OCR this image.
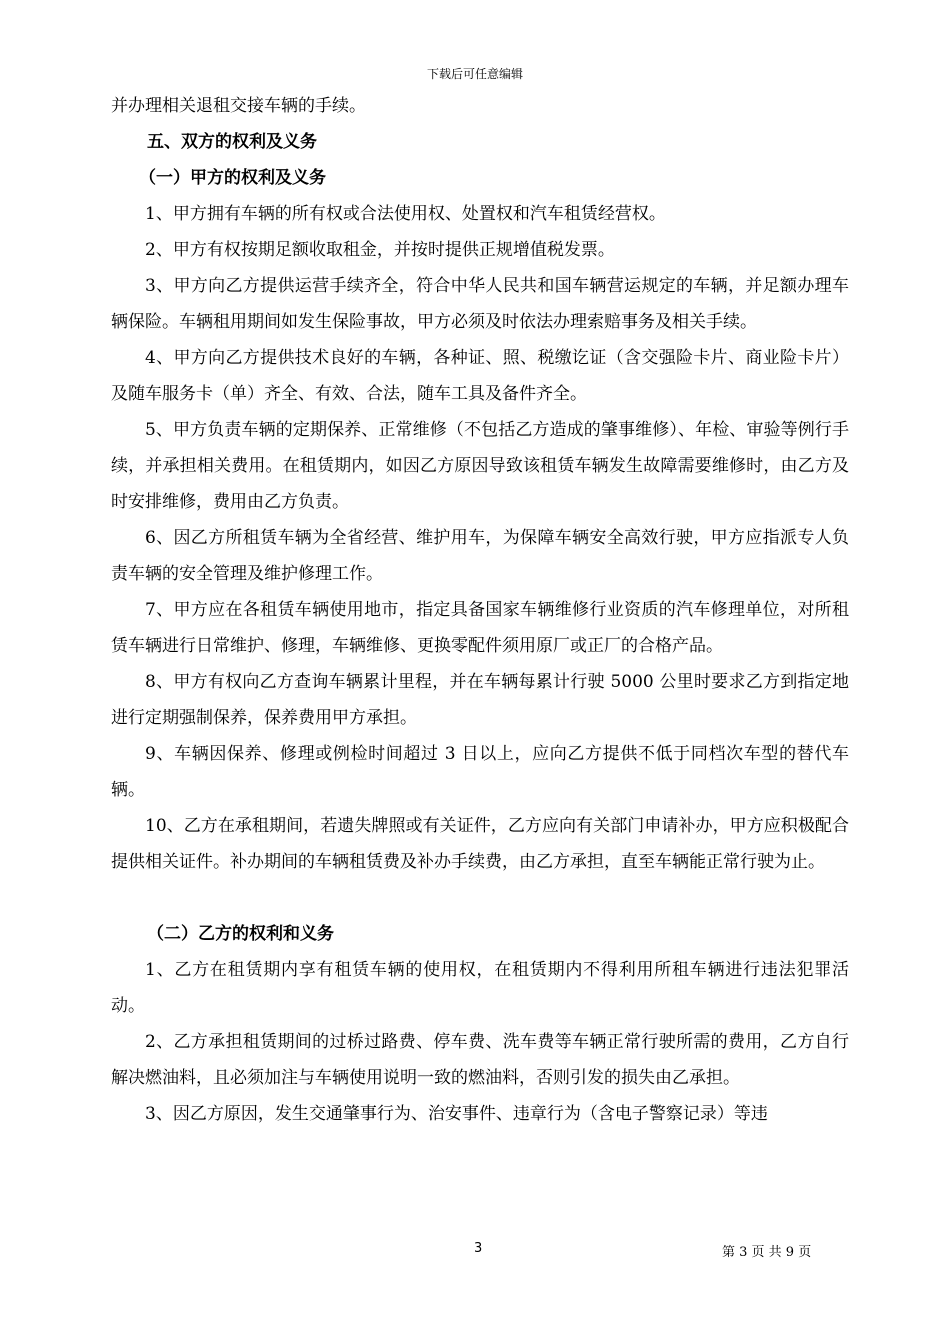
下载后可任意编辑

并办理相关退租交接车辆的手续。

五、双方的权利及义务

（一）甲方的权利及义务

1、甲方拥有车辆的所有权或合法使用权、处置权和汽车租赁经营权。

2、甲方有权按期足额收取租金，并按时提供正规增值税发票。

3、甲方向乙方提供运营手续齐全，符合中华人民共和国车辆营运规定的车辆，并足额办理车辆保险。车辆租用期间如发生保险事故，甲方必须及时依法办理索赔事务及相关手续。

4、甲方向乙方提供技术良好的车辆，各种证、照、税缴讫证（含交强险卡片、商业险卡片）及随车服务卡（单）齐全、有效、合法，随车工具及备件齐全。

5、甲方负责车辆的定期保养、正常维修（不包括乙方造成的肇事维修）、年检、审验等例行手续，并承担相关费用。在租赁期内，如因乙方原因导致该租赁车辆发生故障需要维修时，由乙方及时安排维修，费用由乙方负责。

6、因乙方所租赁车辆为全省经营、维护用车，为保障车辆安全高效行驶，甲方应指派专人负责车辆的安全管理及维护修理工作。

7、甲方应在各租赁车辆使用地市，指定具备国家车辆维修行业资质的汽车修理单位，对所租赁车辆进行日常维护、修理，车辆维修、更换零配件须用原厂或正厂的合格产品。

8、甲方有权向乙方查询车辆累计里程，并在车辆每累计行驶 5000 公里时要求乙方到指定地进行定期强制保养，保养费用甲方承担。

9、车辆因保养、修理或例检时间超过 3 日以上，应向乙方提供不低于同档次车型的替代车辆。

10、乙方在承租期间，若遗失牌照或有关证件，乙方应向有关部门申请补办，甲方应积极配合提供相关证件。补办期间的车辆租赁费及补办手续费，由乙方承担，直至车辆能正常行驶为止。

（二）乙方的权利和义务

1、乙方在租赁期内享有租赁车辆的使用权，在租赁期内不得利用所租车辆进行违法犯罪活动。

2、乙方承担租赁期间的过桥过路费、停车费、洗车费等车辆正常行驶所需的费用，乙方自行解决燃油料，且必须加注与车辆使用说明一致的燃油料，否则引发的损失由乙承担。

3、因乙方原因，发生交通肇事行为、治安事件、违章行为（含电子警察记录）等违

3	第 3 页 共 9 页
